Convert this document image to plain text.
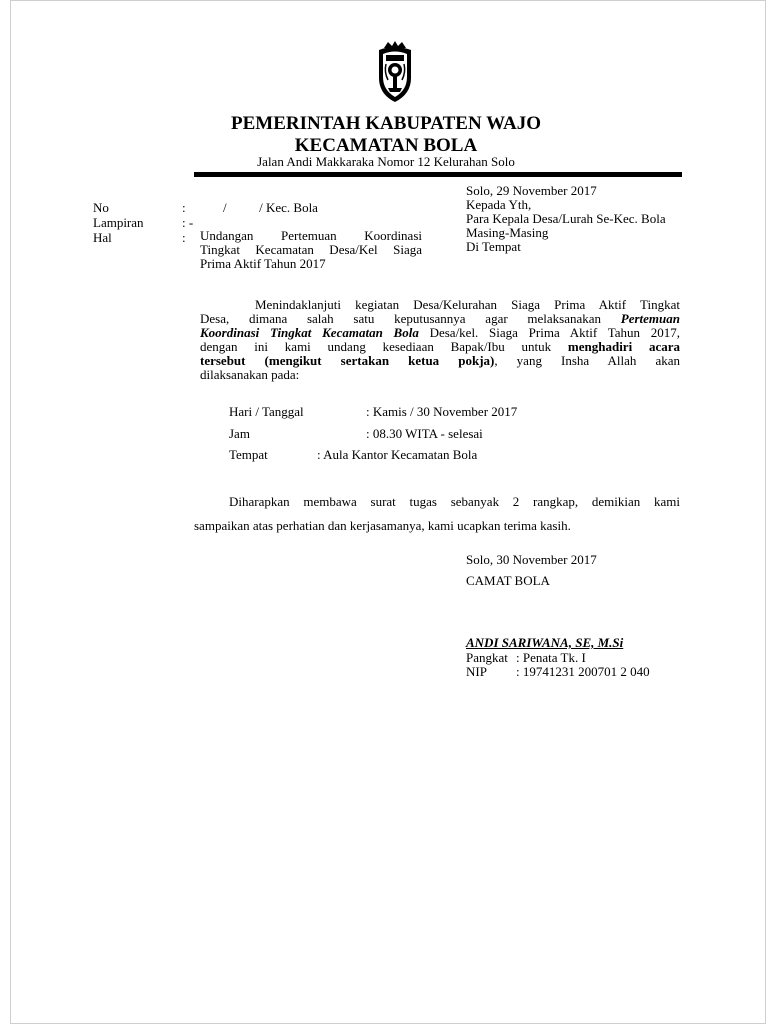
PEMERINTAH KABUPATEN WAJO
KECAMATAN BOLA
Jalan Andi Makkaraka Nomor 12 Kelurahan Solo
Solo, 29 November 2017
Kepada Yth,
Para Kepala Desa/Lurah Se-Kec. Bola
Masing-Masing
Di Tempat
No	:	/          / Kec. Bola
Lampiran	: -
Hal	: Undangan Pertemuan Koordinasi
Tingkat Kecamatan Desa/Kel Siaga
Prima Aktif Tahun 2017
Menindaklanjuti kegiatan Desa/Kelurahan Siaga Prima Aktif Tingkat
Desa, dimana salah satu keputusannya agar melaksanakan Pertemuan
Koordinasi Tingkat Kecamatan Bola Desa/kel. Siaga Prima Aktif Tahun 2017,
dengan ini kami undang kesediaan Bapak/Ibu untuk menghadiri acara
tersebut (mengikut sertakan ketua pokja), yang Insha Allah akan
dilaksanakan pada:
Hari / Tanggal	: Kamis / 30 November 2017
Jam	: 08.30 WITA - selesai
Tempat	: Aula Kantor Kecamatan Bola
Diharapkan membawa surat tugas sebanyak 2 rangkap, demikian kami
sampaikan atas perhatian dan kerjasamanya, kami ucapkan terima kasih.
Solo, 30 November 2017
CAMAT BOLA
ANDI SARIWANA, SE, M.Si
Pangkat : Penata Tk. I
NIP : 19741231 200701 2 040
